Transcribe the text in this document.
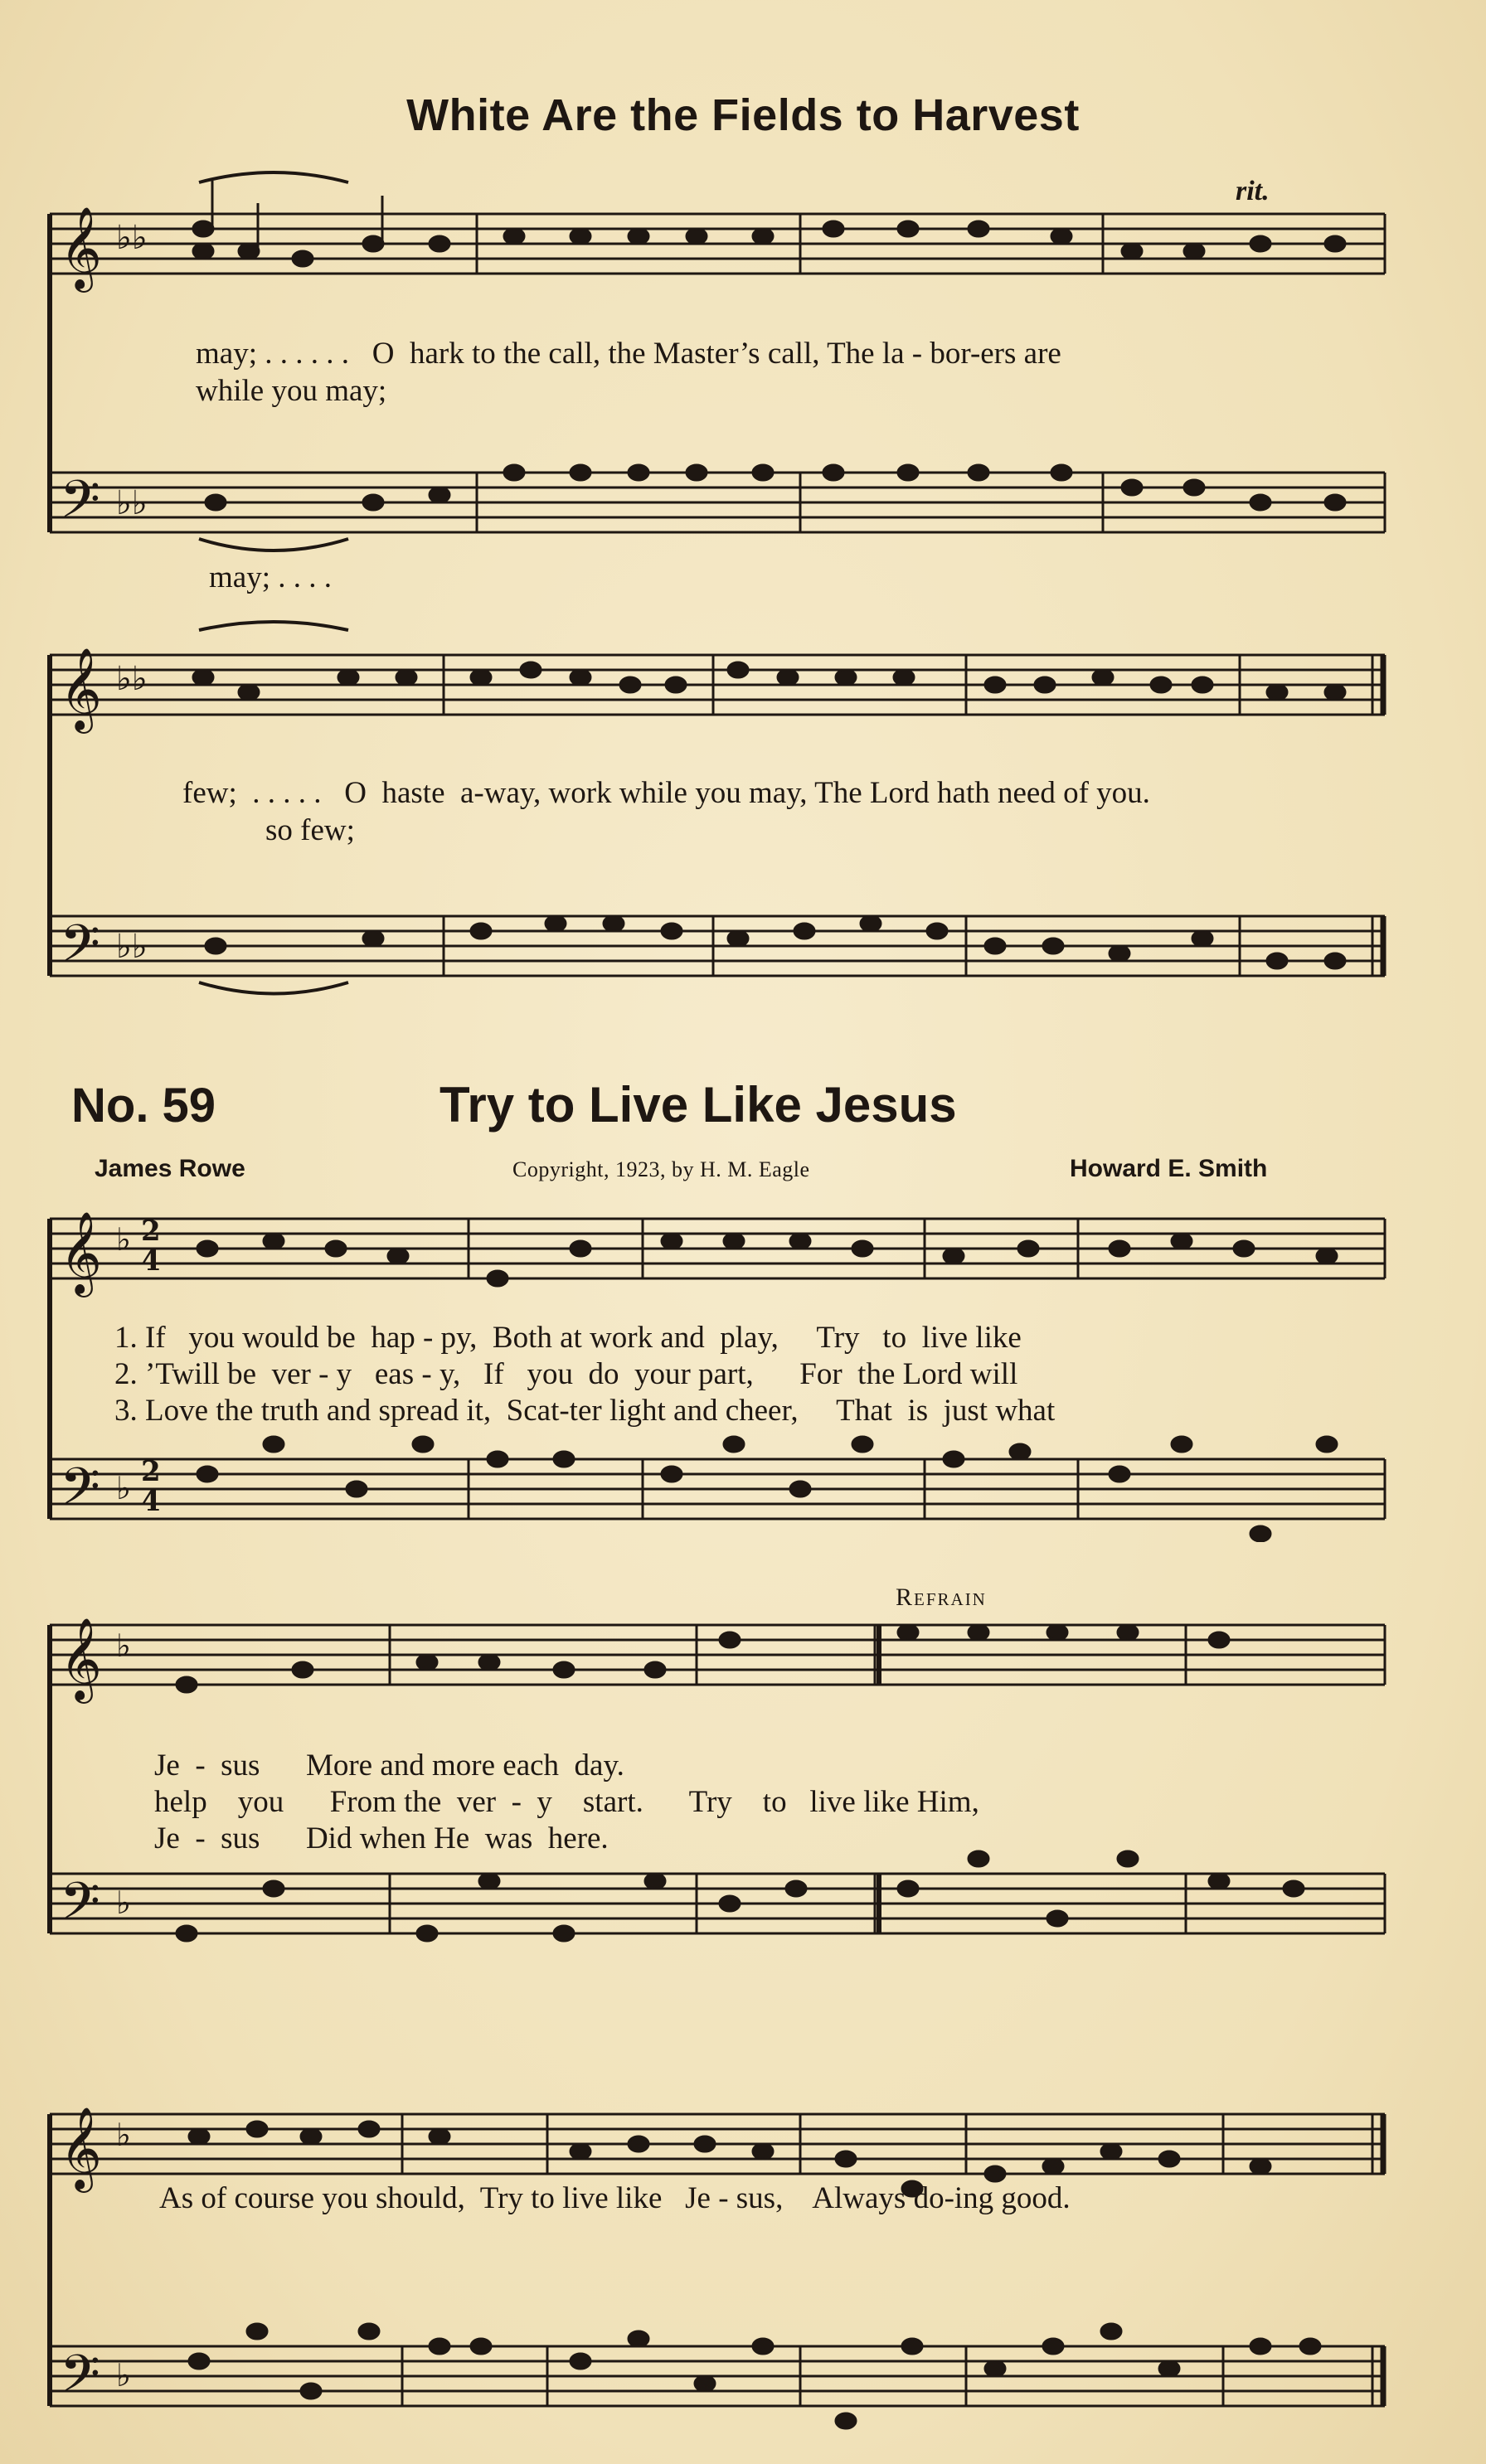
White Are the Fields to Harvest
rit.
𝄞
𝄢
♭♭
♭♭
may; . . . . . .   O  hark to the call, the Master’s call, The la - bor-ers are
while you may;
may; . . . .
𝄞
𝄢
♭♭
♭♭
few;  . . . . .   O  haste  a-way, work while you may, The Lord hath need of you.
so few;
No. 59	Try to Live Like Jesus
James Rowe	Copyright, 1923, by H. M. Eagle	Howard E. Smith
𝄞
𝄢
♭
♭
2
4
2
4
1. If   you would be  hap - py,  Both at work and  play,     Try   to  live like
2. ’Twill be  ver - y   eas - y,   If   you  do  your part,      For  the Lord will
3. Love the truth and spread it,  Scat-ter light and cheer,     That  is  just what
Refrain
𝄞
𝄢
♭
♭
Je  -  sus      More and more each  day.
help    you      From the  ver  -  y    start.      Try    to   live like Him,
Je  -  sus      Did when He  was  here.
𝄞
𝄢
♭
♭
As of course you should,  Try to live like   Je - sus,    Always do-ing good.
